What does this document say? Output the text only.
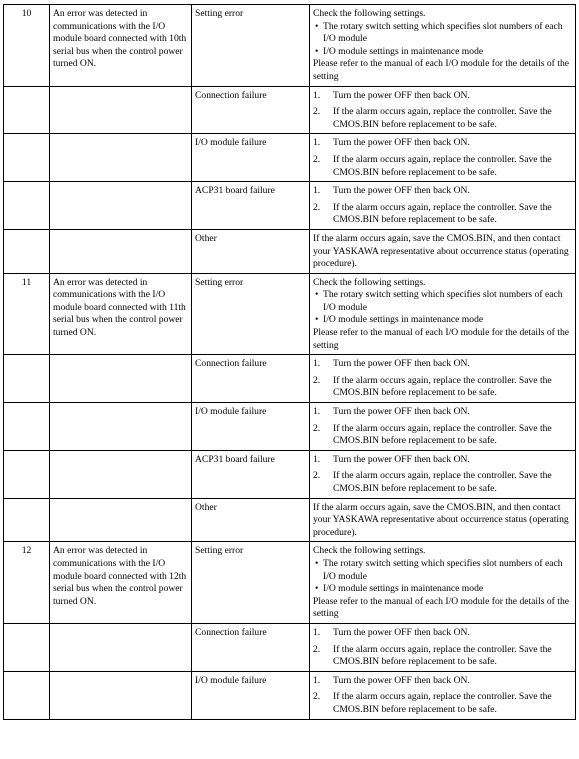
10	An error was detected in communications with the I/O module board connected with 10th serial bus when the control power turned ON.	Setting error	Check the following settings.
• The rotary switch setting which specifies slot numbers of each I/O module
• I/O module settings in maintenance mode
Please refer to the manual of each I/O module for the details of the setting

		Connection failure	1. Turn the power OFF then back ON.
2. If the alarm occurs again, replace the controller. Save the CMOS.BIN before replacement to be safe.

		I/O module failure	1. Turn the power OFF then back ON.
2. If the alarm occurs again, replace the controller. Save the CMOS.BIN before replacement to be safe.

		ACP31 board failure	1. Turn the power OFF then back ON.
2. If the alarm occurs again, replace the controller. Save the CMOS.BIN before replacement to be safe.

		Other	If the alarm occurs again, save the CMOS.BIN, and then contact your YASKAWA representative about occurrence status (operating procedure).

11	An error was detected in communications with the I/O module board connected with 11th serial bus when the control power turned ON.	Setting error	Check the following settings.
• The rotary switch setting which specifies slot numbers of each I/O module
• I/O module settings in maintenance mode
Please refer to the manual of each I/O module for the details of the setting

		Connection failure	1. Turn the power OFF then back ON.
2. If the alarm occurs again, replace the controller. Save the CMOS.BIN before replacement to be safe.

		I/O module failure	1. Turn the power OFF then back ON.
2. If the alarm occurs again, replace the controller. Save the CMOS.BIN before replacement to be safe.

		ACP31 board failure	1. Turn the power OFF then back ON.
2. If the alarm occurs again, replace the controller. Save the CMOS.BIN before replacement to be safe.

		Other	If the alarm occurs again, save the CMOS.BIN, and then contact your YASKAWA representative about occurrence status (operating procedure).

12	An error was detected in communications with the I/O module board connected with 12th serial bus when the control power turned ON.	Setting error	Check the following settings.
• The rotary switch setting which specifies slot numbers of each I/O module
• I/O module settings in maintenance mode
Please refer to the manual of each I/O module for the details of the setting

		Connection failure	1. Turn the power OFF then back ON.
2. If the alarm occurs again, replace the controller. Save the CMOS.BIN before replacement to be safe.

		I/O module failure	1. Turn the power OFF then back ON.
2. If the alarm occurs again, replace the controller. Save the CMOS.BIN before replacement to be safe.
